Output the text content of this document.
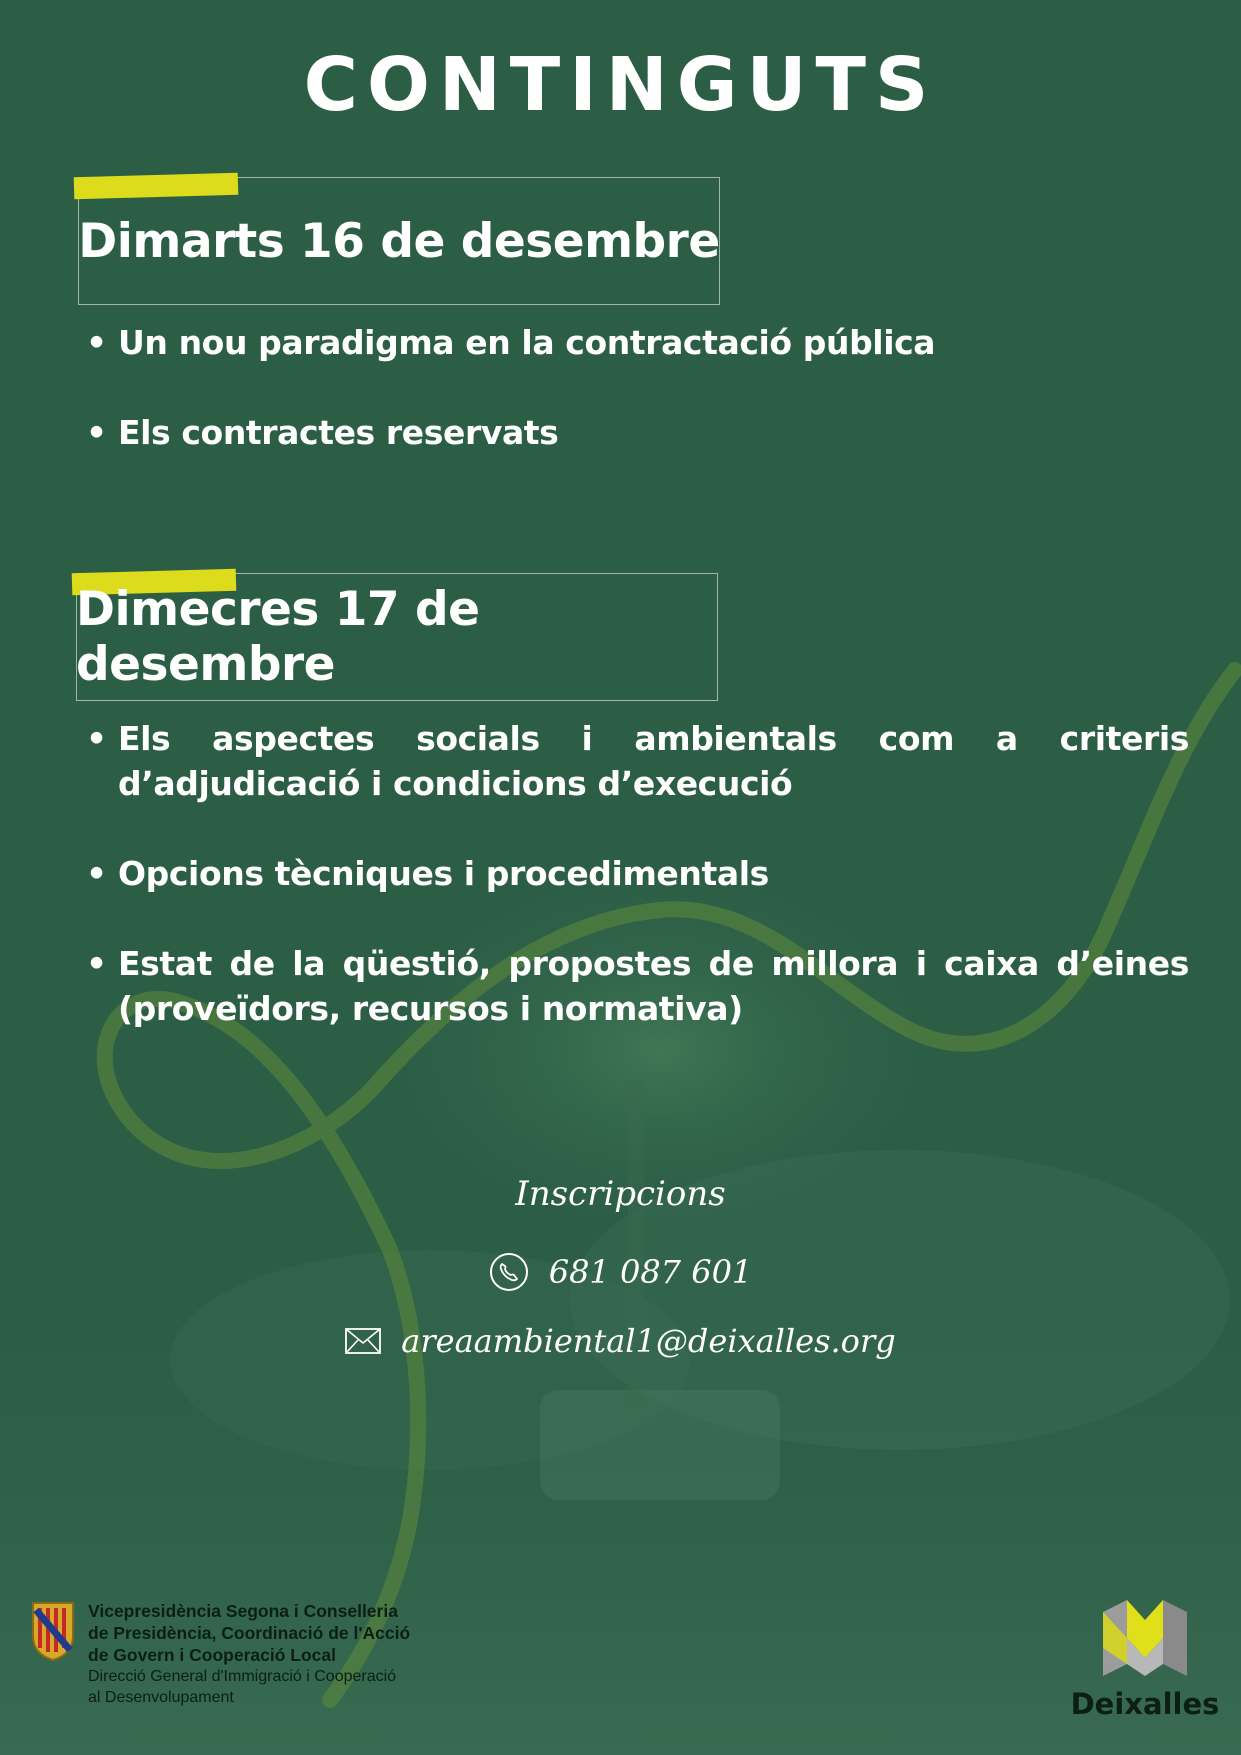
CONTINGUTS
Dimarts 16 de desembre
• Un nou paradigma en la contractació pública
• Els contractes reservats
Dimecres 17 de desembre
• Els aspectes socials i ambientals com a criteris d’adjudicació i condicions d’execució
• Opcions tècniques i procedimentals
• Estat de la qüestió, propostes de millora i caixa d’eines (proveïdors, recursos i normativa)
Inscripcions
681 087 601
areaambiental1@deixalles.org
Vicepresidència Segona i Conselleria
de Presidència, Coordinació de l'Acció
de Govern i Cooperació Local
Direcció General d'Immigració i Cooperació
al Desenvolupament	Deixalles
